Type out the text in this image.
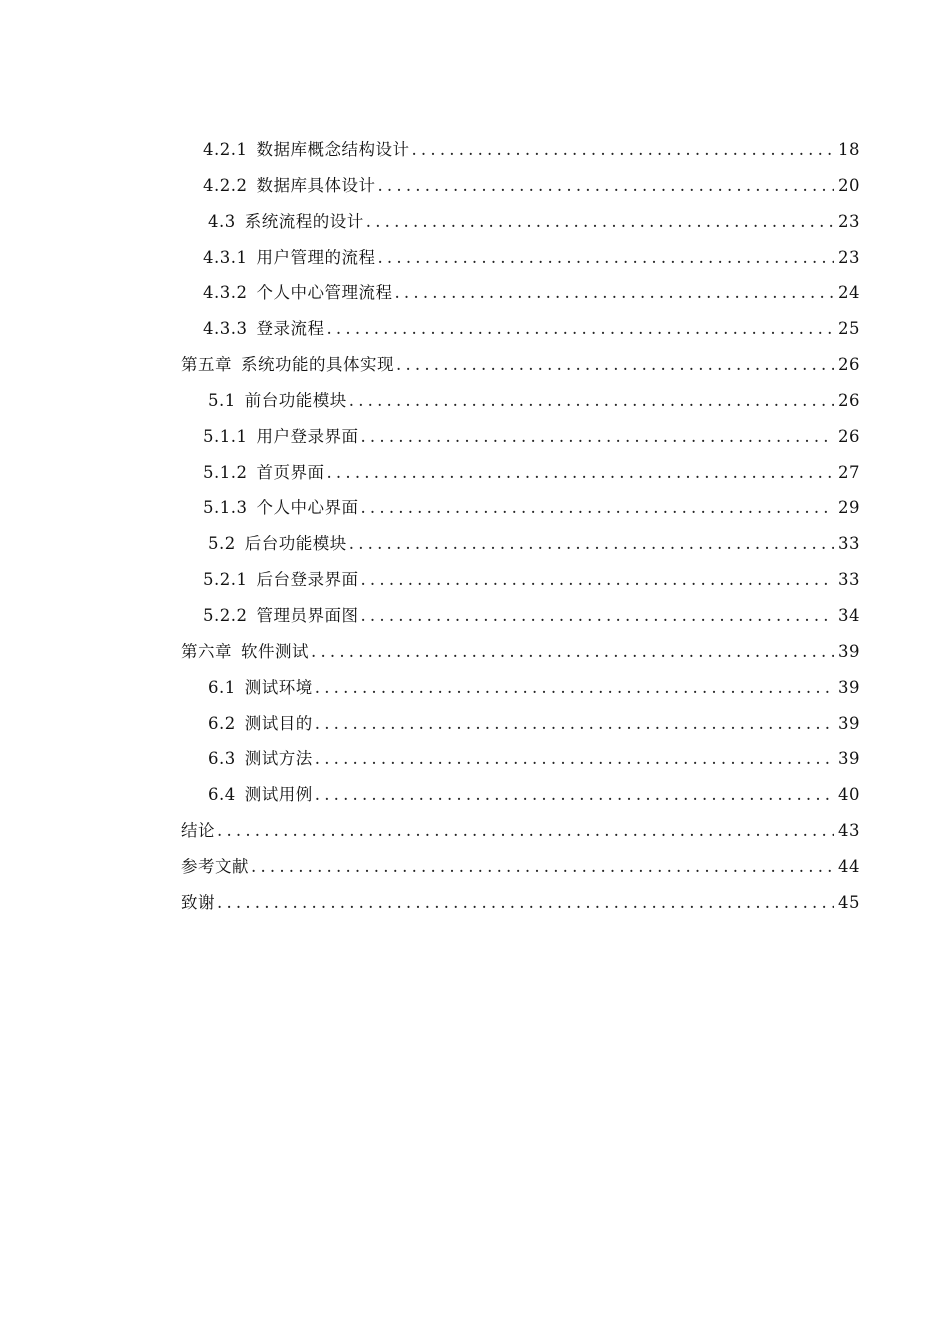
4.2.1 数据库概念结构设计 .....	18
4.2.2 数据库具体设计 .....	20
4.3 系统流程的设计 .....	23
4.3.1 用户管理的流程 .....	23
4.3.2 个人中心管理流程 .....	24
4.3.3 登录流程 .....	25
第五章 系统功能的具体实现 .....	26
5.1 前台功能模块 .....	26
5.1.1 用户登录界面 .....	26
5.1.2 首页界面 .....	27
5.1.3 个人中心界面 .....	29
5.2 后台功能模块 .....	33
5.2.1 后台登录界面 .....	33
5.2.2 管理员界面图 .....	34
第六章 软件测试 .....	39
6.1 测试环境 .....	39
6.2 测试目的 .....	39
6.3 测试方法 .....	39
6.4 测试用例 .....	40
结论 .....	43
参考文献 .....	44
致谢 .....	45
